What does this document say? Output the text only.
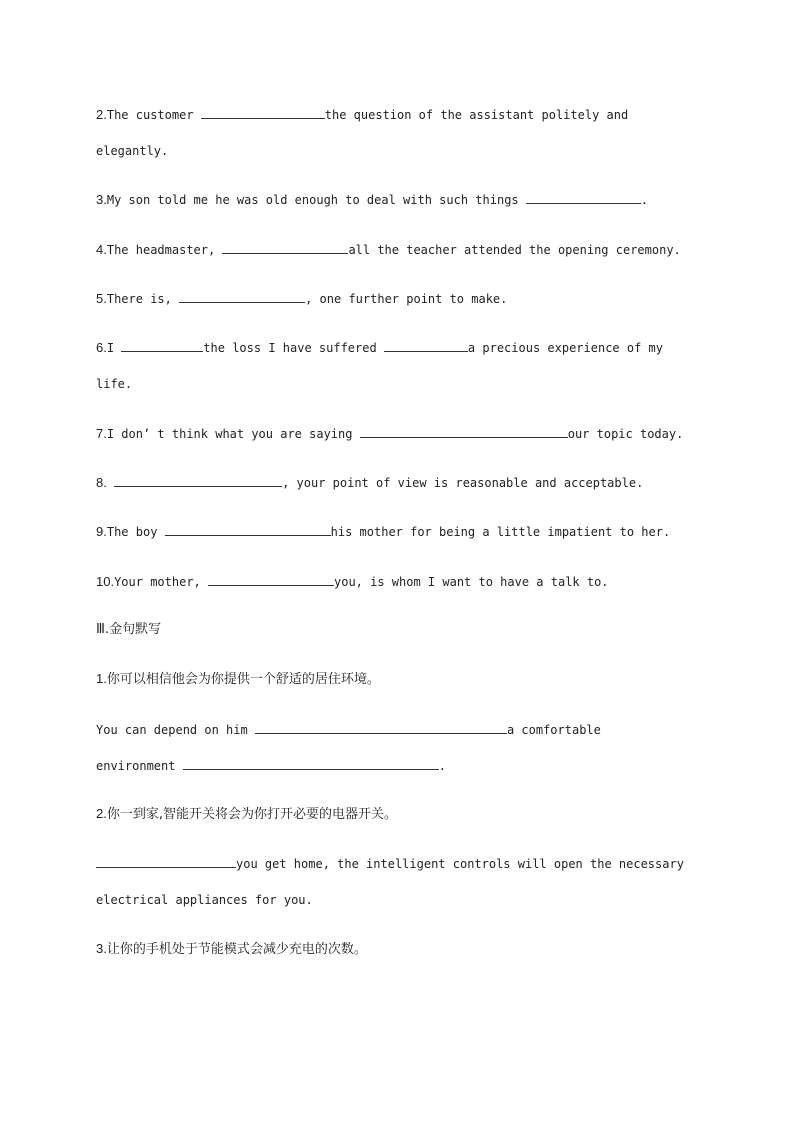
2.The customer	the question of the assistant politely and
elegantly.
3.My son told me he was old enough to deal with such things	.
4.The headmaster,	all the teacher attended the opening ceremony.
5.There is,	, one further point to make.
6.I	the loss I have suffered	a precious experience of my
life.
7.I don’ t think what you are saying	our topic today.
8.	, your point of view is reasonable and acceptable.
9.The boy	his mother for being a little impatient to her.
10.Your mother,	you, is whom I want to have a talk to.
Ⅲ.金句默写
1.你可以相信他会为你提供一个舒适的居住环境。
You can depend on him	a comfortable
environment	.
2.你一到家,智能开关将会为你打开必要的电器开关。
you get home, the intelligent controls will open the necessary
electrical appliances for you.
3.让你的手机处于节能模式会减少充电的次数。
